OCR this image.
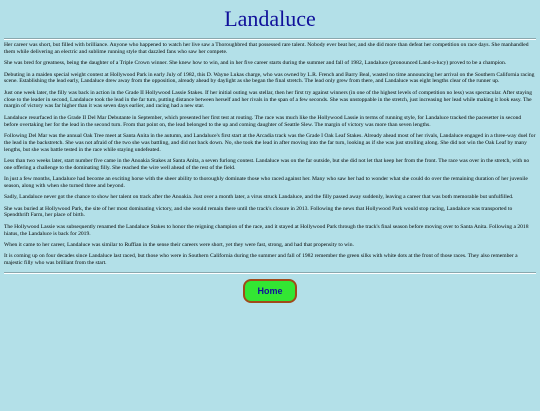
Landaluce

Her career was short, but filled with brilliance. Anyone who happened to watch her live saw a Thoroughbred that possessed rare talent. Nobody ever beat her, and she did more than defeat her competition on race days. She manhandled them while delivering an electric and sublime running style that dazzled fans who saw her compete.

She was bred for greatness, being the daughter of a Triple Crown winner. She knew how to win, and in her five career starts during the summer and fall of 1982, Landaluce (pronounced Land-a-lucy) proved to be a champion.

Debuting in a maiden special weight contest at Hollywood Park in early July of 1982, this D. Wayne Lukas charge, who was owned by L.R. French and Barry Beal, wasted no time announcing her arrival on the Southern California racing scene. Establishing the lead early, Landaluce drew away from the opposition, already ahead by daylight as she began the final stretch. The lead only grew from there, and Landaluce was eight lengths clear of the runner up.

Just one week later, the filly was back in action in the Grade II Hollywood Lassie Stakes. If her initial outing was stellar, then her first try against winners (in one of the highest levels of competition no less) was spectacular. After staying close to the leader in second, Landaluce took the lead in the far turn, putting distance between herself and her rivals in the span of a few seconds. She was unstoppable in the stretch, just increasing her lead while making it look easy. The margin of victory was far higher than it was seven days earlier, and racing had a new star.

Landaluce resurfaced in the Grade II Del Mar Debutante in September, which presented her first test at routing. The race was much like the Hollywood Lassie in terms of running style, for Landaluce tracked the pacesetter in second before overtaking her for the lead in the second turn. From that point on, the lead belonged to the up and coming daughter of Seattle Slew. The margin of victory was more than seven lengths.

Following Del Mar was the annual Oak Tree meet at Santa Anita in the autumn, and Landaluce's first start at the Arcadia track was the Grade I Oak Leaf Stakes. Already ahead most of her rivals, Landaluce engaged in a three-way duel for the lead in the backstretch. She was not afraid of the two she was battling, and did not back down. No, she took the lead in after moving into the far turn, looking as if she was just strolling along. She did not win the Oak Leaf by many lengths, but she was battle tested in the race while staying undefeated.

Less than two weeks later, start number five came in the Anoakia Stakes at Santa Anita, a seven furlong contest. Landaluce was on the far outside, but she did not let that keep her from the front. The race was over in the stretch, with no one offering a challenge to the dominating filly. She reached the wire well ahead of the rest of the field.

In just a few months, Landaluce had become an exciting horse with the sheer ability to thoroughly dominate those who raced against her. Many who saw her had to wonder what she could do over the remaining duration of her juvenile season, along with when she turned three and beyond.

Sadly, Landaluce never got the chance to show her talent on track after the Anoakia. Just over a month later, a virus struck Landaluce, and the filly passed away suddenly, leaving a career that was both memorable but unfulfilled.

She was buried at Hollywood Park, the site of her most dominating victory, and she would remain there until the track's closure in 2013. Following the news that Hollywood Park would stop racing, Landaluce was transported to Spendthrift Farm, her place of birth.

The Hollywood Lassie was subsequently renamed the Landaluce Stakes to honor the reigning champion of the race, and it stayed at Hollywood Park through the track's final season before moving over to Santa Anita. Following a 2018 hiatus, the Landaluce is back for 2019.

When it came to her career, Landaluce was similar to Ruffian in the sense their careers were short, yet they were fast, strong, and had that propensity to win.

It is coming up on four decades since Landaluce last raced, but those who were in Southern California during the summer and fall of 1982 remember the green silks with white dots at the front of those races. They also remember a majestic filly who was brilliant from the start.

Home
